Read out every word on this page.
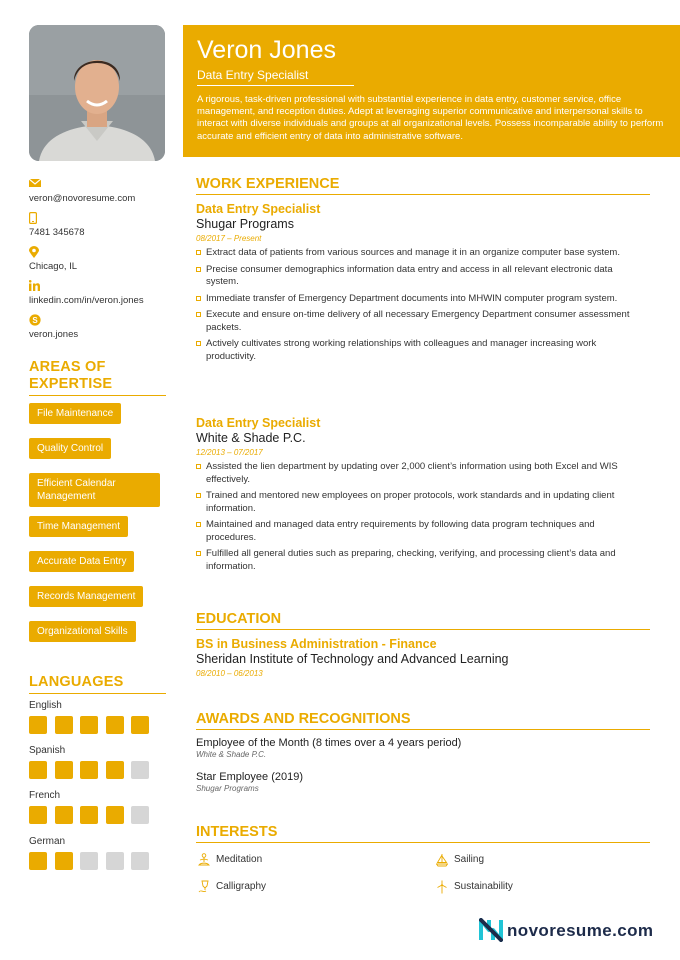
veron@novoresume.com
7481 345678
Chicago, IL
linkedin.com/in/veron.jones
S
veron.jones
AREAS OF
EXPERTISE
File Maintenance
Quality Control
Efficient Calendar Management
Time Management
Accurate Data Entry
Records Management
Organizational Skills
LANGUAGES
English
Spanish
French
German
Veron Jones
Data Entry Specialist
A rigorous, task-driven professional with substantial experience in data entry, customer service, office management, and reception duties. Adept at leveraging superior communicative and interpersonal skills to interact with diverse individuals and groups at all organizational levels. Possess incomparable ability to perform accurate and efficient entry of data into administrative software.
WORK EXPERIENCE
Data Entry Specialist
Shugar Programs
08/2017 – Present
Extract data of patients from various sources and manage it in an organize computer base system.
Precise consumer demographics information data entry and access in all relevant electronic data system.
Immediate transfer of Emergency Department documents into MHWIN computer program system.
Execute and ensure on-time delivery of all necessary Emergency Department consumer assessment packets.
Actively cultivates strong working relationships with colleagues and manager increasing work productivity.
Data Entry Specialist
White & Shade P.C.
12/2013 – 07/2017
Assisted the lien department by updating over 2,000 client’s information using both Excel and WIS effectively.
Trained and mentored new employees on proper protocols, work standards and in updating client information.
Maintained and managed data entry requirements by following data program techniques and procedures.
Fulfilled all general duties such as preparing, checking, verifying, and processing client’s data and information.
EDUCATION
BS in Business Administration - Finance
Sheridan Institute of Technology and Advanced Learning
08/2010 – 06/2013
AWARDS AND RECOGNITIONS
Employee of the Month (8 times over a 4 years period)
White & Shade P.C.
Star Employee (2019)
Shugar Programs
INTERESTS
Meditation	Sailing
Calligraphy	Sustainability
novoresume.com
